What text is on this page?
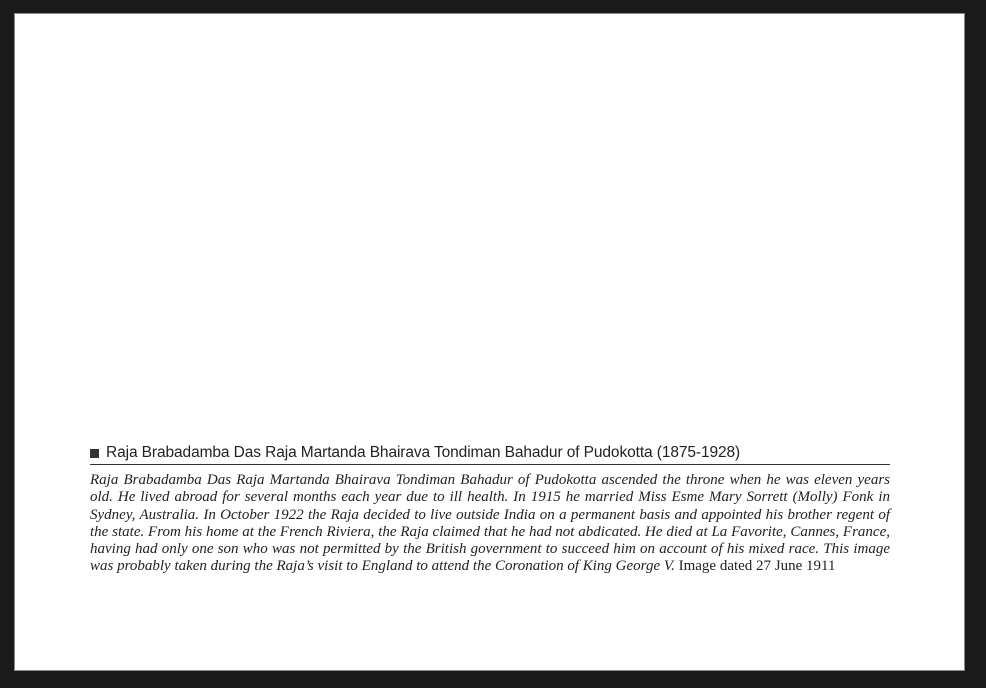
Raja Brabadamba Das Raja Martanda Bhairava Tondiman Bahadur of Pudokotta (1875-1928)

Raja Brabadamba Das Raja Martanda Bhairava Tondiman Bahadur of Pudokotta ascended the throne when he was eleven years old. He lived abroad for several months each year due to ill health. In 1915 he married Miss Esme Mary Sorrett (Molly) Fonk in Sydney, Australia. In October 1922 the Raja decided to live outside India on a permanent basis and appointed his brother regent of the state. From his home at the French Riviera, the Raja claimed that he had not abdicated. He died at La Favorite, Cannes, France, having had only one son who was not permitted by the British government to succeed him on account of his mixed race. This image was probably taken during the Raja’s visit to England to attend the Coronation of King George V. Image dated 27 June 1911
